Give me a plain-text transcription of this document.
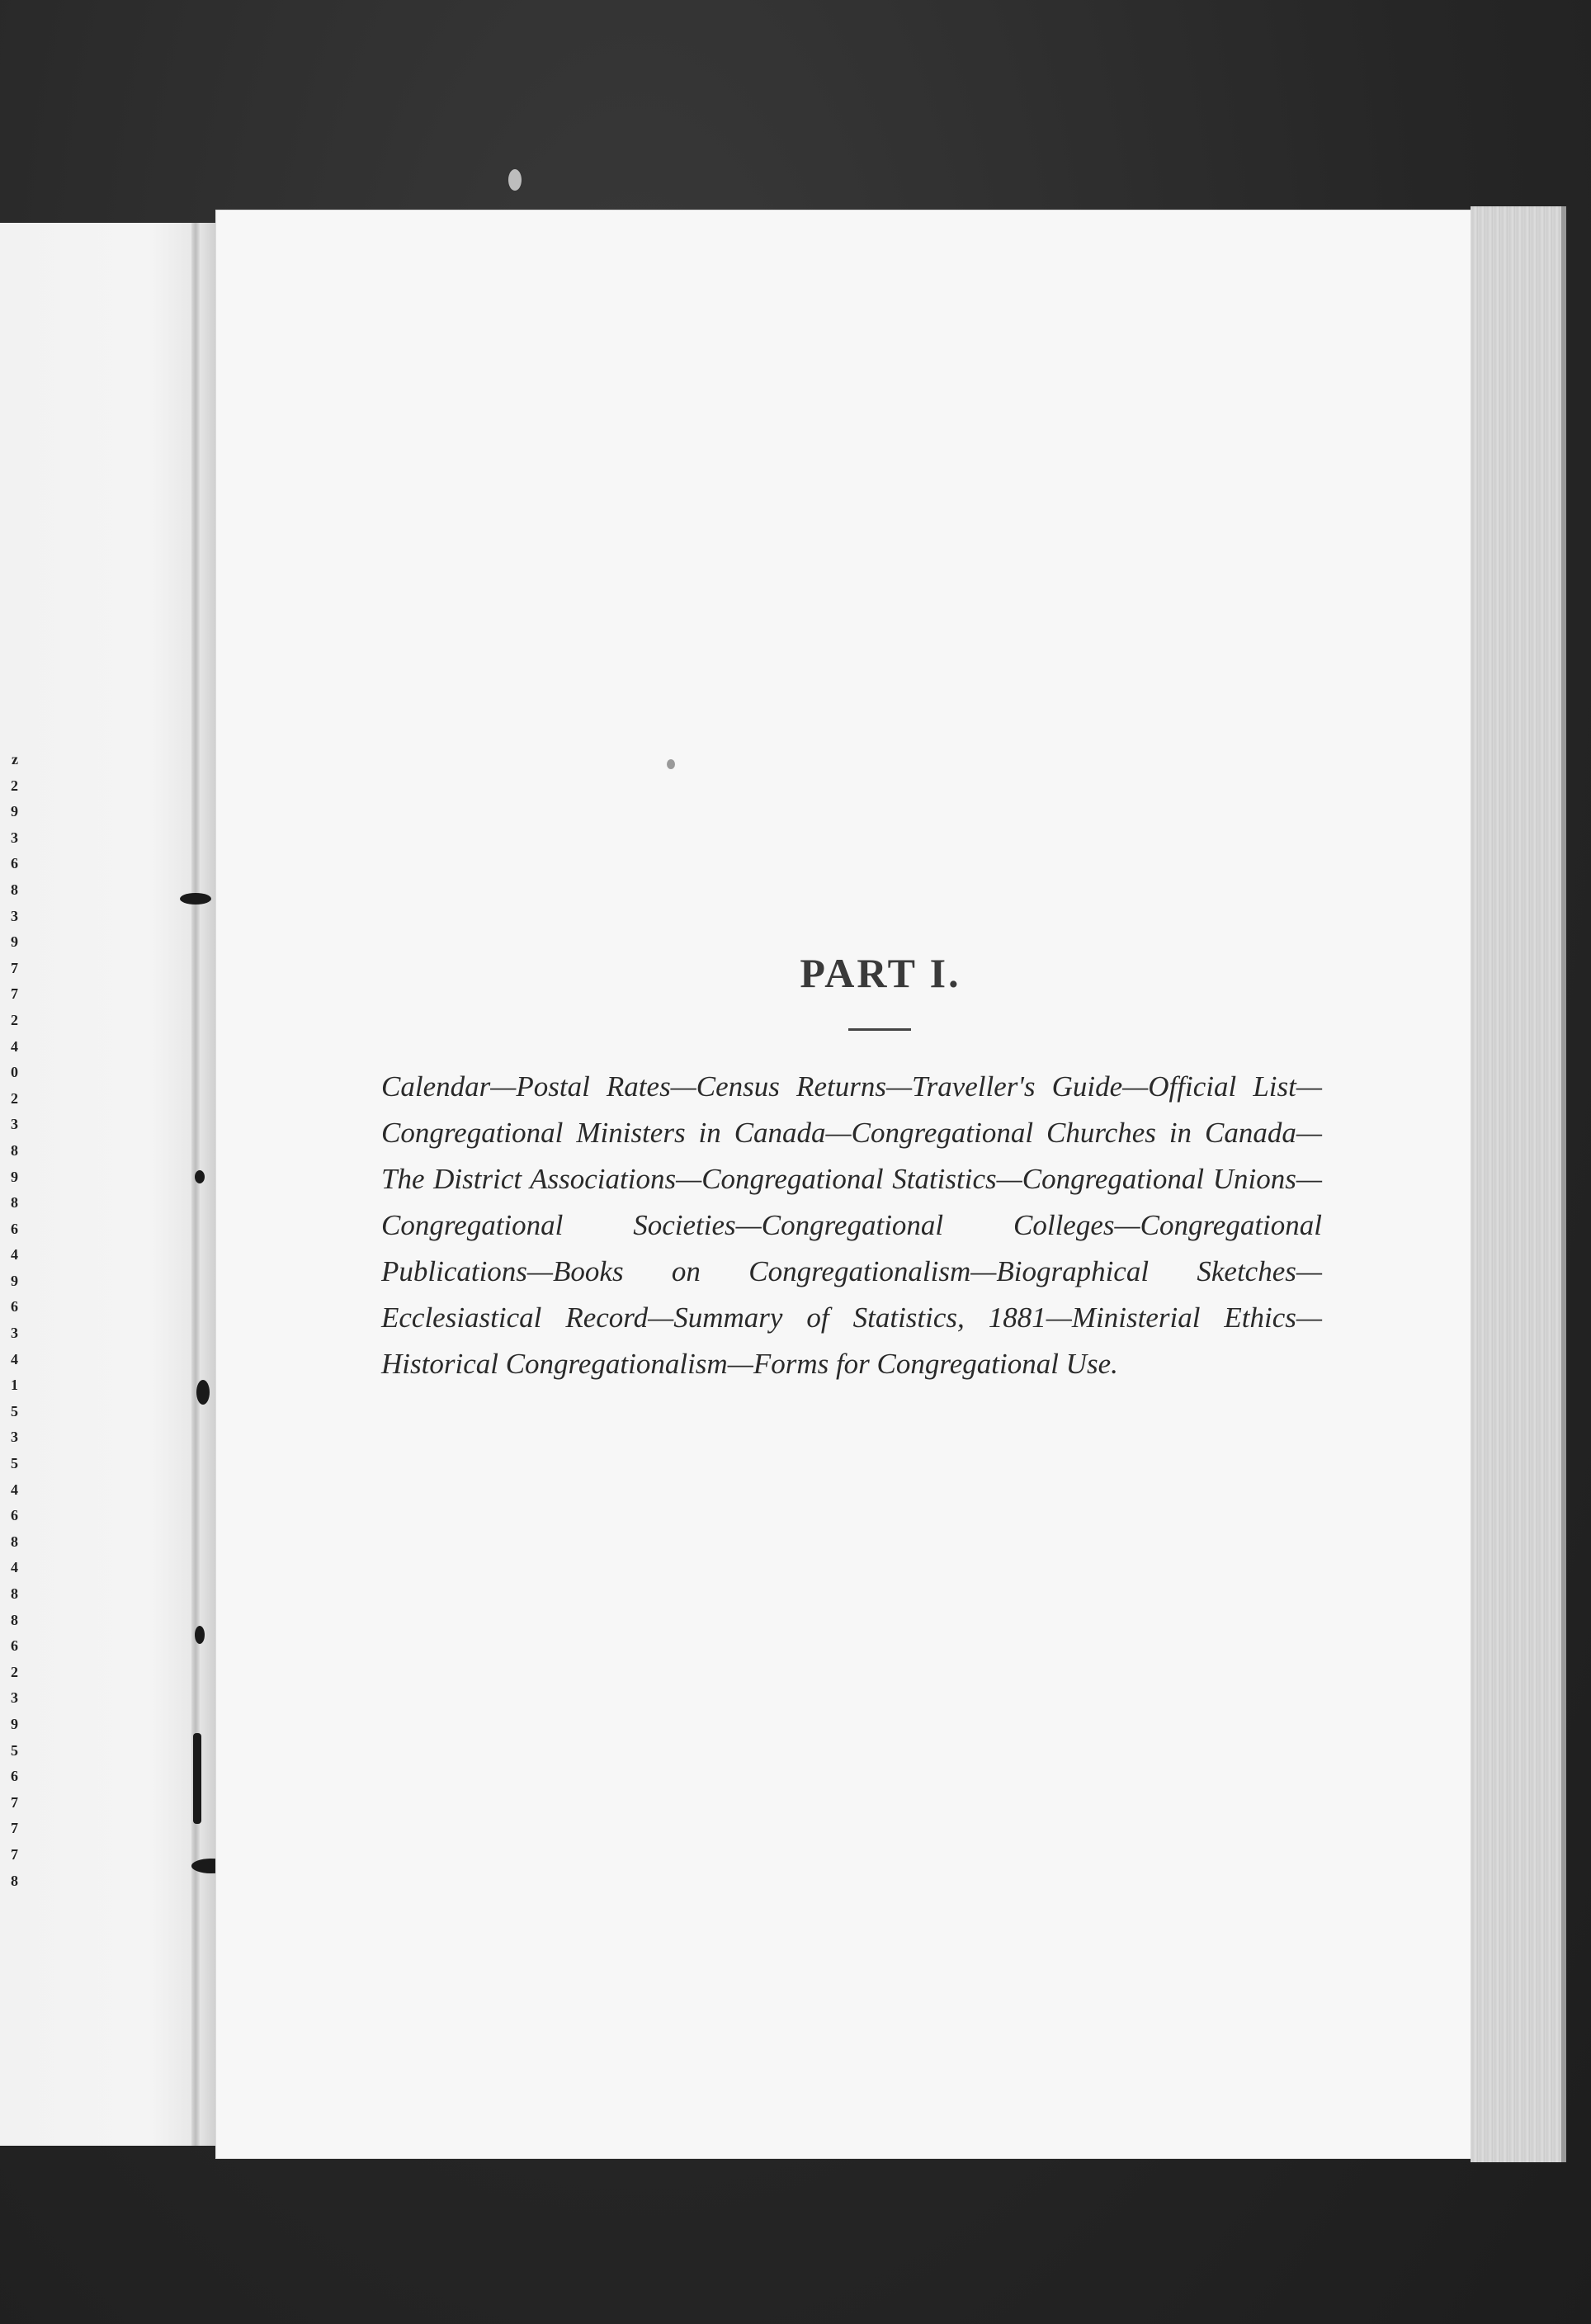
z
2
9
3
6
8
3
9
7
7
2
4
0
2
3
8
9
8
6
4
9
6
3
4
1
5
3
5
4
6
8
4
8
8
6
2
3
9
5
6
7
7
7
8
PART I.

Calendar—Postal Rates—Census Returns—Traveller's Guide—Official List—Congregational Ministers in Canada—Congregational Churches in Canada—The District Associations—Congregational Statistics—Congregational Unions—Congregational Societies—Congregational Colleges—Congregational Publications—Books on Congregationalism—Biographical Sketches—Ecclesiastical Record—Summary of Statistics, 1881—Ministerial Ethics—Historical Congregationalism—Forms for Congregational Use.
